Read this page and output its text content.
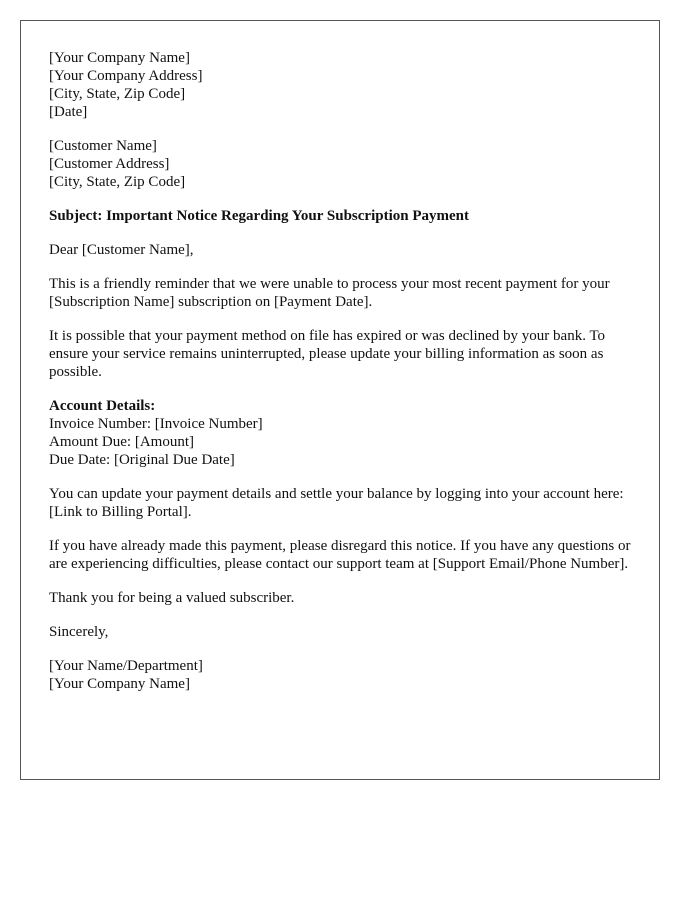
[Your Company Name]
[Your Company Address]
[City, State, Zip Code]
[Date]
[Customer Name]
[Customer Address]
[City, State, Zip Code]

Subject: Important Notice Regarding Your Subscription Payment

Dear [Customer Name],

This is a friendly reminder that we were unable to process your most recent payment for your [Subscription Name] subscription on [Payment Date].

It is possible that your payment method on file has expired or was declined by your bank. To ensure your service remains uninterrupted, please update your billing information as soon as possible.

Account Details:
Invoice Number: [Invoice Number]
Amount Due: [Amount]
Due Date: [Original Due Date]

You can update your payment details and settle your balance by logging into your account here: [Link to Billing Portal].

If you have already made this payment, please disregard this notice. If you have any questions or are experiencing difficulties, please contact our support team at [Support Email/Phone Number].

Thank you for being a valued subscriber.

Sincerely,

[Your Name/Department]
[Your Company Name]
